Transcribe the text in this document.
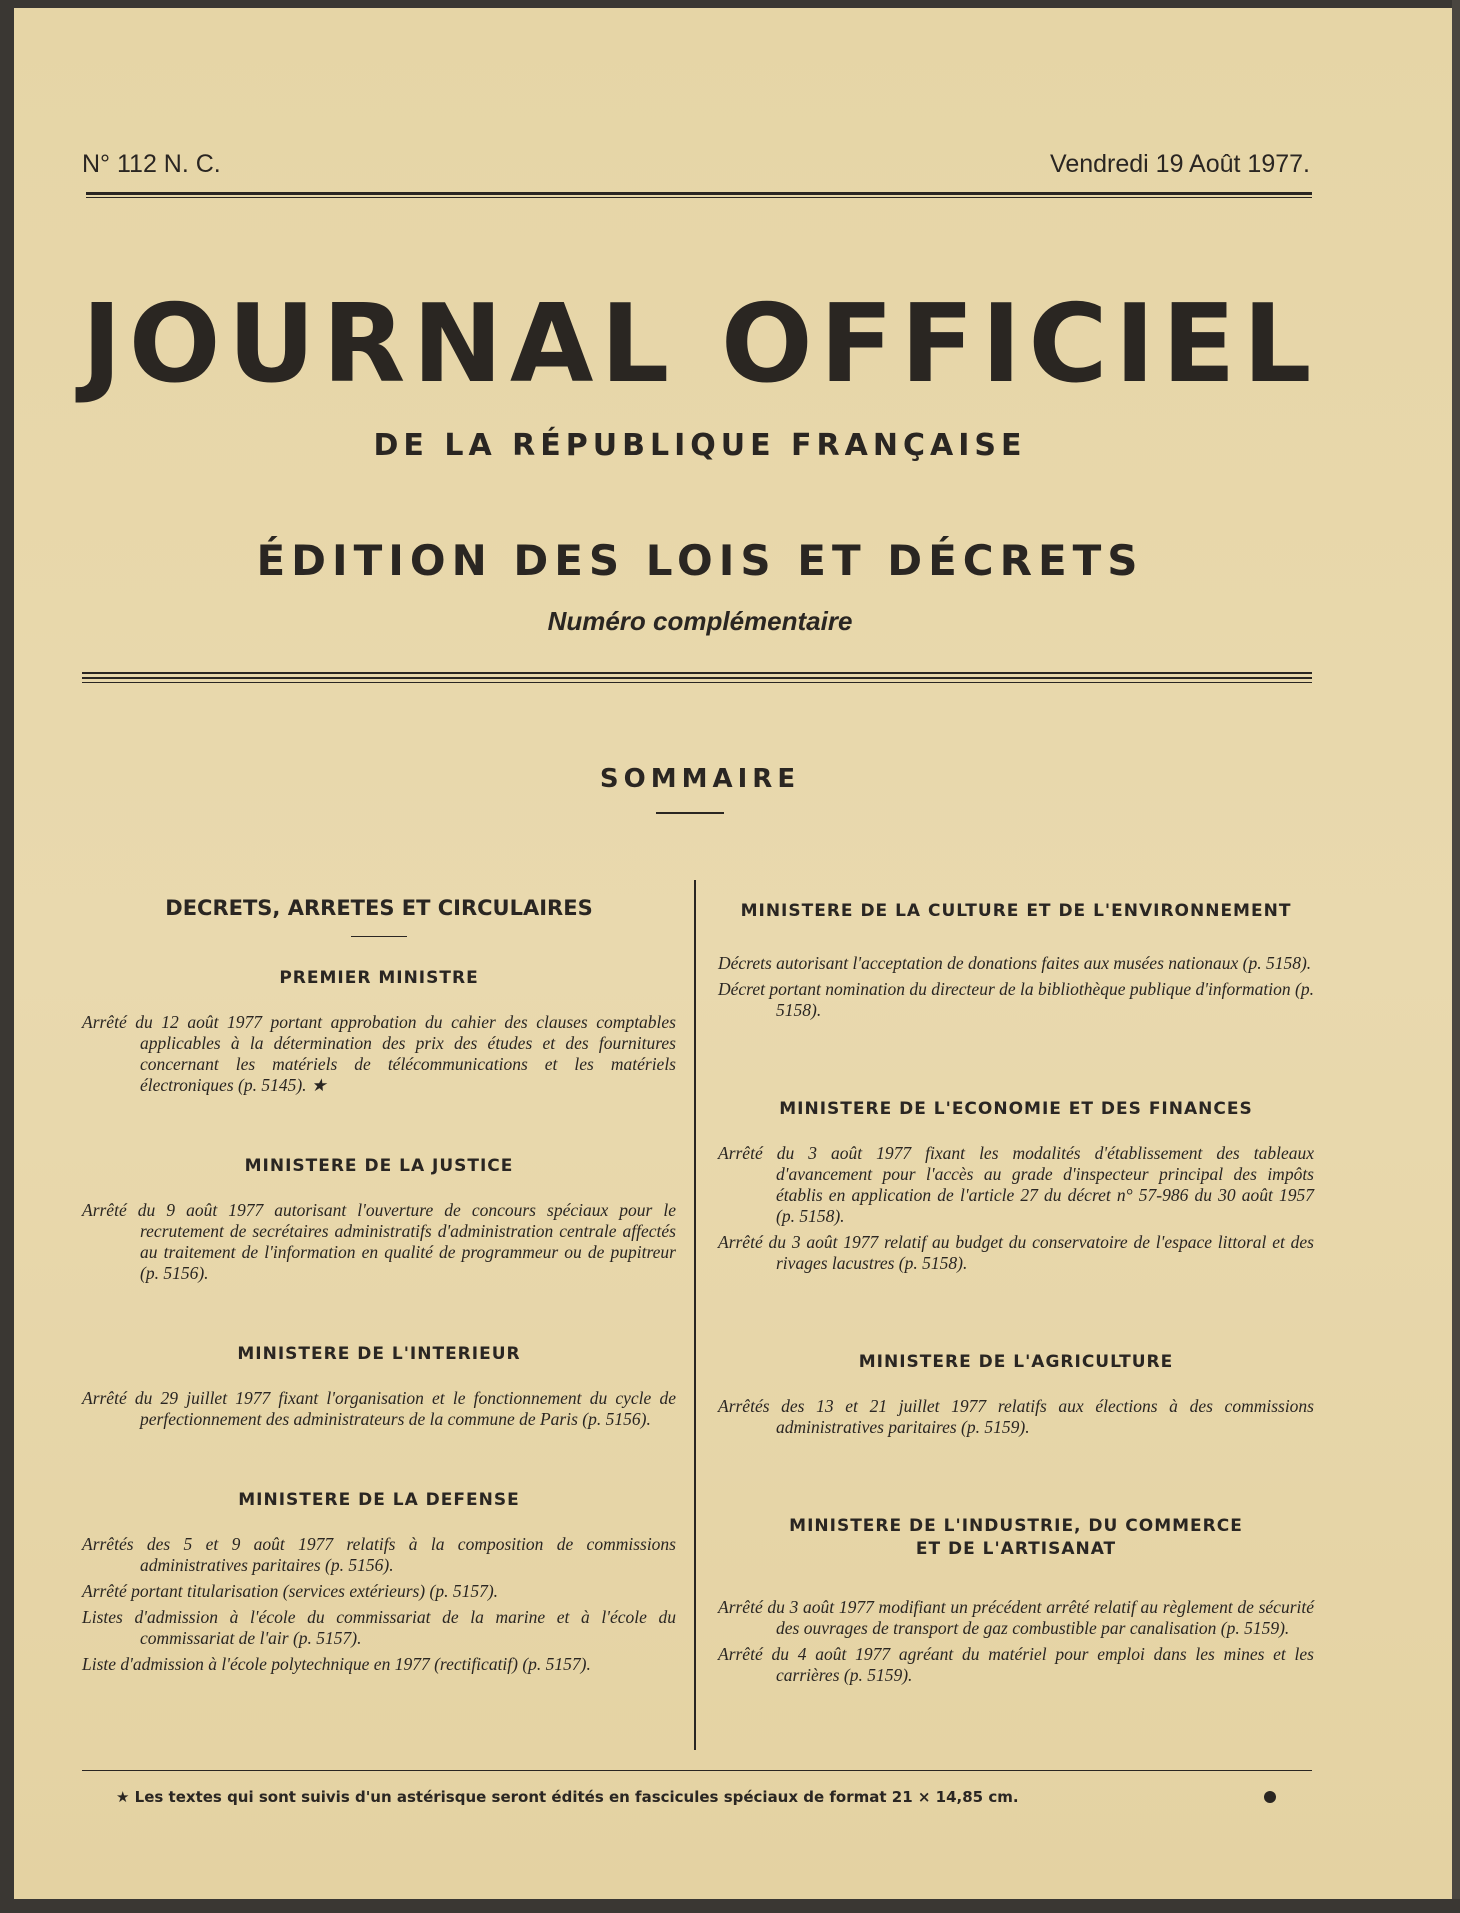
N° 112 N. C.	Vendredi 19 Août 1977.
JOURNAL OFFICIEL
DE LA RÉPUBLIQUE FRANÇAISE
ÉDITION DES LOIS ET DÉCRETS
Numéro complémentaire
SOMMAIRE
DECRETS, ARRETES ET CIRCULAIRES
PREMIER MINISTRE

Arrêté du 12 août 1977 portant approbation du cahier des clauses comptables applicables à la détermination des prix des études et des fournitures concernant les matériels de télécommunications et les matériels électroniques (p. 5145). ★

MINISTERE DE LA JUSTICE

Arrêté du 9 août 1977 autorisant l'ouverture de concours spéciaux pour le recrutement de secrétaires administratifs d'administration centrale affectés au traitement de l'information en qualité de programmeur ou de pupitreur (p. 5156).

MINISTERE DE L'INTERIEUR

Arrêté du 29 juillet 1977 fixant l'organisation et le fonctionnement du cycle de perfectionnement des administrateurs de la commune de Paris (p. 5156).

MINISTERE DE LA DEFENSE

Arrêtés des 5 et 9 août 1977 relatifs à la composition de commissions administratives paritaires (p. 5156).

Arrêté portant titularisation (services extérieurs) (p. 5157).

Listes d'admission à l'école du commissariat de la marine et à l'école du commissariat de l'air (p. 5157).

Liste d'admission à l'école polytechnique en 1977 (rectificatif) (p. 5157).

MINISTERE DE LA CULTURE ET DE L'ENVIRONNEMENT

Décrets autorisant l'acceptation de donations faites aux musées nationaux (p. 5158).

Décret portant nomination du directeur de la bibliothèque publique d'information (p. 5158).

MINISTERE DE L'ECONOMIE ET DES FINANCES

Arrêté du 3 août 1977 fixant les modalités d'établissement des tableaux d'avancement pour l'accès au grade d'inspecteur principal des impôts établis en application de l'article 27 du décret n° 57-986 du 30 août 1957 (p. 5158).

Arrêté du 3 août 1977 relatif au budget du conservatoire de l'espace littoral et des rivages lacustres (p. 5158).

MINISTERE DE L'AGRICULTURE

Arrêtés des 13 et 21 juillet 1977 relatifs aux élections à des commissions administratives paritaires (p. 5159).

MINISTERE DE L'INDUSTRIE, DU COMMERCE
ET DE L'ARTISANAT

Arrêté du 3 août 1977 modifiant un précédent arrêté relatif au règlement de sécurité des ouvrages de transport de gaz combustible par canalisation (p. 5159).

Arrêté du 4 août 1977 agréant du matériel pour emploi dans les mines et les carrières (p. 5159).

★ Les textes qui sont suivis d'un astérisque seront édités en fascicules spéciaux de format 21 × 14,85 cm.
